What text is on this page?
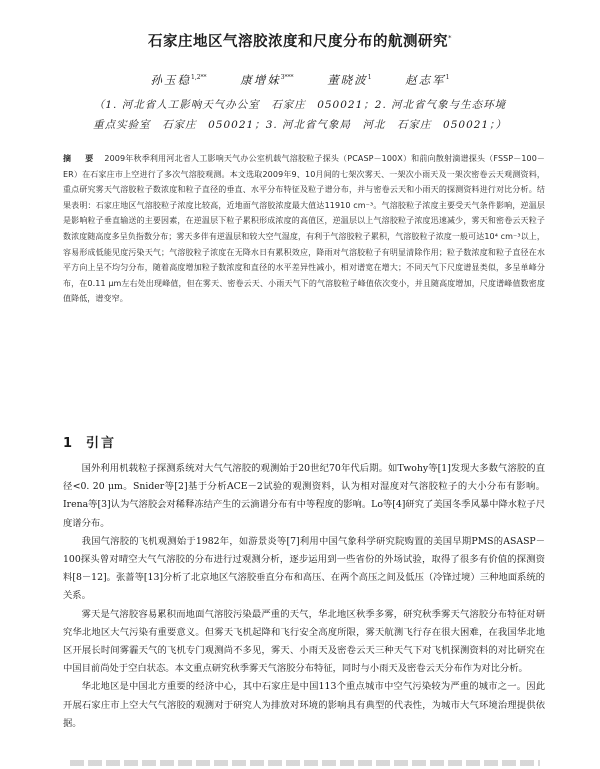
石家庄地区气溶胶浓度和尺度分布的航测研究*
孙玉稳$^{1,2**}$	康增妹$^{3***}$	董晓波$^1$	赵志军$^1$
（1. 河北省人工影响天气办公室　石家庄　050021；2. 河北省气象与生态环境
重点实验室　石家庄　050021；3. 河北省气象局　河北　石家庄　050021；）
摘　要 2009年秋季利用河北省人工影响天气办公室机载气溶胶粒子探头（PCASP－100X）和前向散射滴谱探头（FSSP－100－ER）在石家庄市上空进行了多次气溶胶观测。本文选取2009年9、10月间的七架次雾天、一架次小雨天及一架次密卷云天观测资料，重点研究雾天气溶胶粒子数浓度和粒子直径的垂直、水平分布特征及粒子谱分布，并与密卷云天和小雨天的探测资料进行对比分析。结果表明：石家庄地区气溶胶粒子浓度比较高，近地面气溶胶浓度最大值达11910 cm⁻³。气溶胶粒子浓度主要受天气条件影响，逆温层是影响粒子垂直输送的主要因素，在逆温层下粒子累积形成浓度的高值区，逆温层以上气溶胶粒子浓度迅速减少，雾天和密卷云天粒子数浓度随高度多呈负指数分布；雾天多伴有逆温层和较大空气湿度，有利于气溶胶粒子累积，气溶胶粒子浓度一般可达10⁴ cm⁻³以上，容易形成低能见度污染天气；气溶胶粒子浓度在无降水日有累积效应，降雨对气溶胶粒子有明显清除作用；粒子数浓度和粒子直径在水平方向上呈不均匀分布，随着高度增加粒子数浓度和直径的水平差异性减小，相对谱宽在增大；不同天气下尺度谱显类似，多呈单峰分布，在0.11 μm左右处出现峰值，但在雾天、密卷云天、小雨天气下的气溶胶粒子峰值依次变小，并且随高度增加，尺度谱峰值数密度值降低，谱变窄。
1 引言

国外利用机载粒子探测系统对大气气溶胶的观测始于20世纪70年代后期。如Twohy等[1]发现大多数气溶胶的直径<0. 20 μm。Snider等[2]基于分析ACE－2试验的观测资料，认为相对湿度对气溶胶粒子的大小分布有影响。Irena等[3]认为气溶胶会对稀释冻结产生的云滴谱分布有中等程度的影响。Lo等[4]研究了美国冬季风暴中降水粒子尺度谱分布。

我国气溶胶的飞机观测始于1982年，如游景炎等[7]利用中国气象科学研究院购置的美国早期PMS的ASASP－100探头曾对晴空大气气溶胶的分布进行过观测分析，逐步运用到一些省份的外场试验，取得了很多有价值的探测资料[8－12]。张蔷等[13]分析了北京地区气溶胶垂直分布和高压、在两个高压之间及低压（冷锋过境）三种地面系统的关系。

雾天是气溶胶容易累积而地面气溶胶污染最严重的天气，华北地区秋季多雾，研究秋季雾天气溶胶分布特征对研究华北地区大气污染有重要意义。但雾天飞机起降和飞行安全高度所限，雾天航测飞行存在很大困难，在我国华北地区开展长时间雾霾天气的飞机专门观测尚不多见，雾天、小雨天及密卷云天三种天气下对飞机探测资料的对比研究在中国目前尚处于空白状态。本文重点研究秋季雾天气溶胶分布特征，同时与小雨天及密卷云天分布作为对比分析。

华北地区是中国北方重要的经济中心，其中石家庄是中国113个重点城市中空气污染较为严重的城市之一。因此开展石家庄市上空大气气溶胶的观测对于研究人为排放对环境的影响具有典型的代表性，为城市大气环境治理提供依据。
